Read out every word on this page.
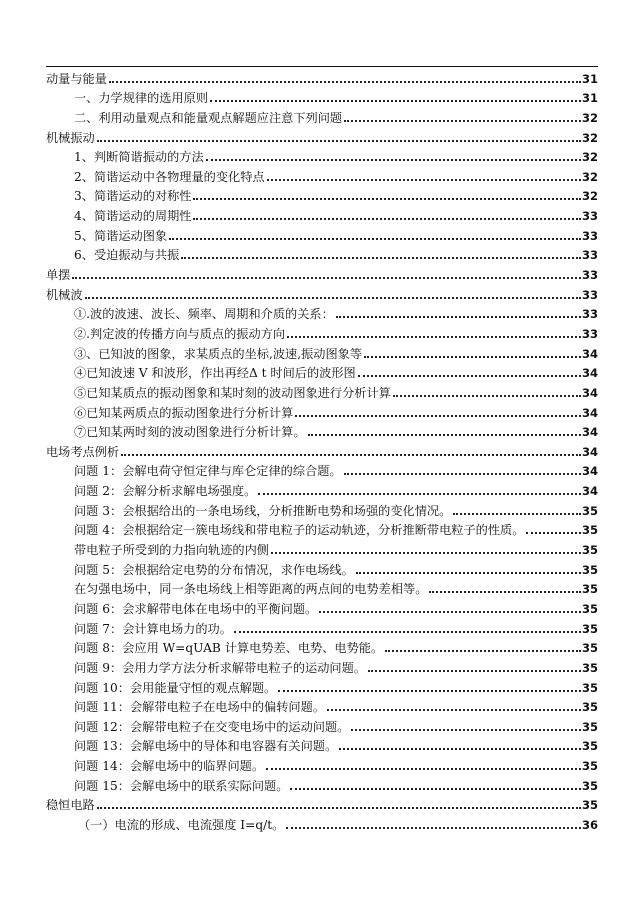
动量与能量	31
一、力学规律的选用原则	31
二、利用动量观点和能量观点解题应注意下列问题	32
机械振动	32
1、判断简谐振动的方法	32
2、简谐运动中各物理量的变化特点	32
3、简谐运动的对称性	32
4、简谐运动的周期性	33
5、简谐运动图象	33
6、受迫振动与共振	33
单摆	33
机械波	33
①.波的波速、波长、频率、周期和介质的关系：	33
②.判定波的传播方向与质点的振动方向	33
③、已知波的图象，求某质点的坐标,波速,振动图象等	34
④已知波速 V 和波形，作出再经Δ t 时间后的波形图	34
⑤已知某质点的振动图象和某时刻的波动图象进行分析计算	34
⑥已知某两质点的振动图象进行分析计算	34
⑦已知某两时刻的波动图象进行分析计算。	34
电场考点例析	34
问题 1：会解电荷守恒定律与库仑定律的综合题。	34
问题 2：会解分析求解电场强度。	34
问题 3：会根据给出的一条电场线，分析推断电势和场强的变化情况。	35
问题 4：会根据给定一簇电场线和带电粒子的运动轨迹，分析推断带电粒子的性质。	35
带电粒子所受到的力指向轨迹的内侧	35
问题 5：会根据给定电势的分布情况，求作电场线。	35
在匀强电场中，同一条电场线上相等距离的两点间的电势差相等。	35
问题 6：会求解带电体在电场中的平衡问题。	35
问题 7：会计算电场力的功。	35
问题 8：会应用 W=qUAB 计算电势差、电势、电势能。	35
问题 9：会用力学方法分析求解带电粒子的运动问题。	35
问题 10：会用能量守恒的观点解题。	35
问题 11：会解带电粒子在电场中的偏转问题。	35
问题 12：会解带电粒子在交变电场中的运动问题。	35
问题 13：会解电场中的导体和电容器有关问题。	35
问题 14：会解电场中的临界问题。	35
问题 15：会解电场中的联系实际问题。	35
稳恒电路	35
（一）电流的形成、电流强度 I=q/t。	36
